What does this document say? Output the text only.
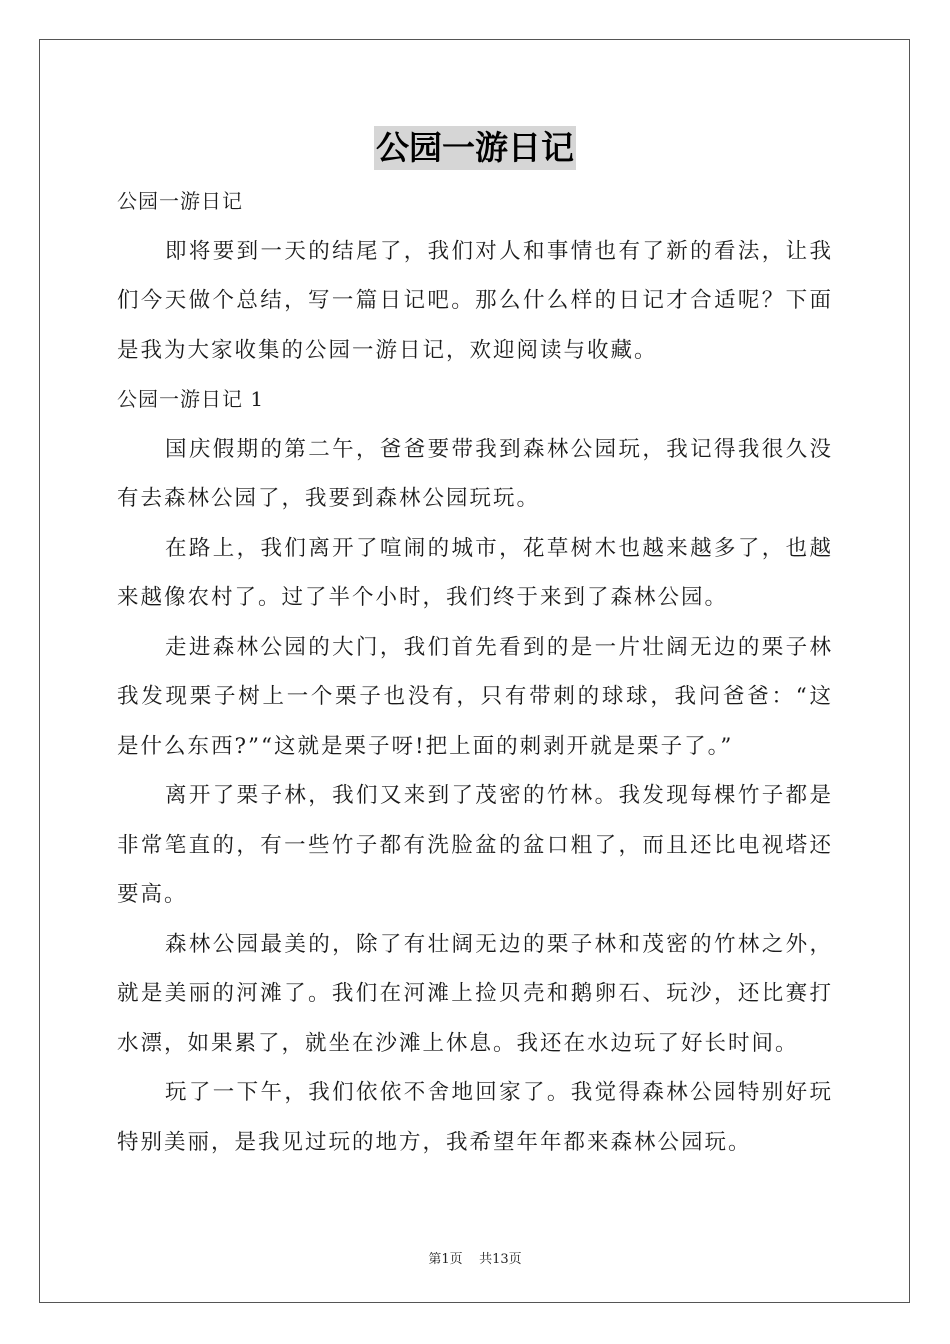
公园一游日记

公园一游日记

即将要到一天的结尾了，我们对人和事情也有了新的看法，让我们今天做个总结，写一篇日记吧。那么什么样的日记才合适呢？下面是我为大家收集的公园一游日记，欢迎阅读与收藏。

公园一游日记 1

国庆假期的第二午，爸爸要带我到森林公园玩，我记得我很久没有去森林公园了，我要到森林公园玩玩。

在路上，我们离开了喧闹的城市，花草树木也越来越多了，也越来越像农村了。过了半个小时，我们终于来到了森林公园。

走进森林公园的大门，我们首先看到的是一片壮阔无边的栗子林我发现栗子树上一个栗子也没有，只有带刺的球球，我问爸爸：“这是什么东西?”“这就是栗子呀!把上面的刺剥开就是栗子了。”

离开了栗子林，我们又来到了茂密的竹林。我发现每棵竹子都是非常笔直的，有一些竹子都有洗脸盆的盆口粗了，而且还比电视塔还要高。

森林公园最美的，除了有壮阔无边的栗子林和茂密的竹林之外，就是美丽的河滩了。我们在河滩上捡贝壳和鹅卵石、玩沙，还比赛打水漂，如果累了，就坐在沙滩上休息。我还在水边玩了好长时间。

玩了一下午，我们依依不舍地回家了。我觉得森林公园特别好玩特别美丽，是我见过玩的地方，我希望年年都来森林公园玩。

第1页 共13页
